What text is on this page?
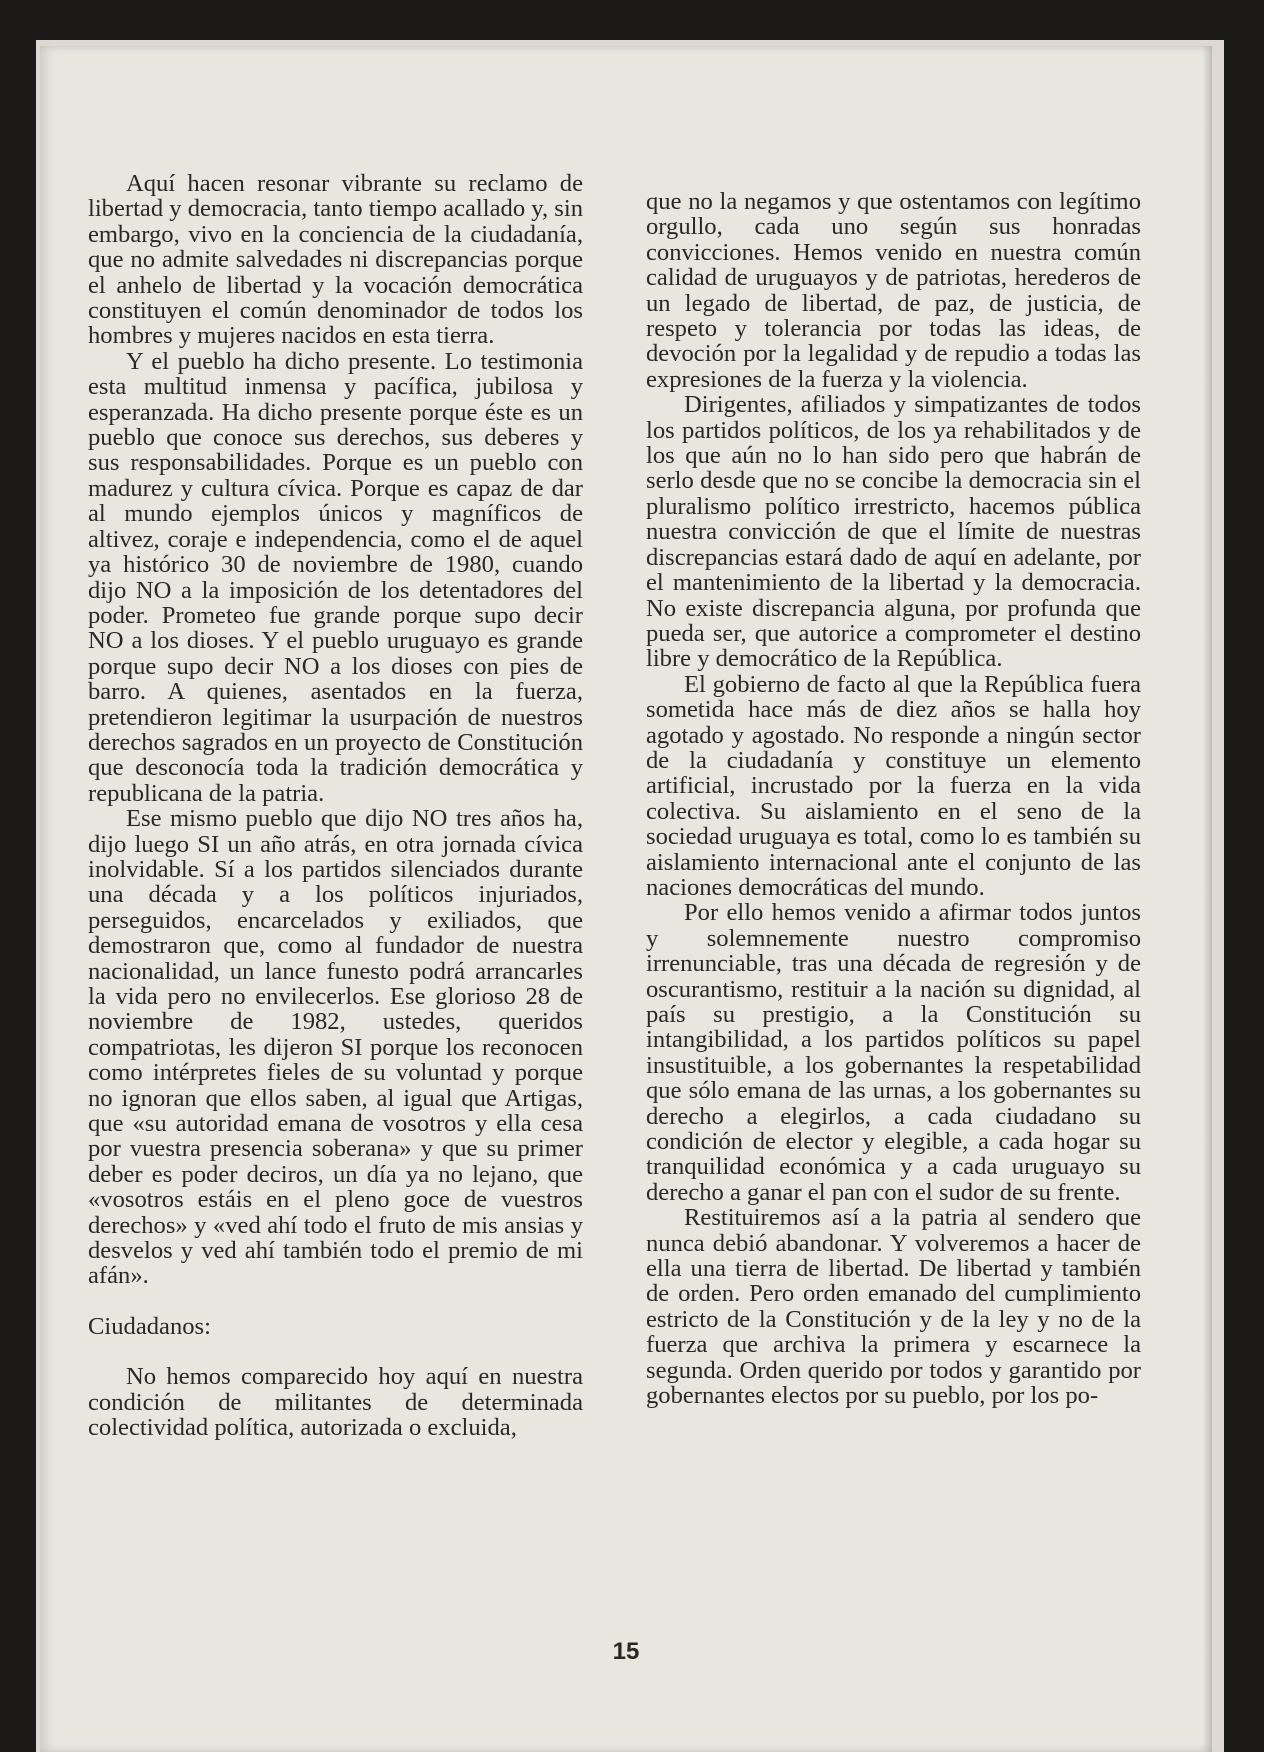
Aquí hacen resonar vibrante su reclamo de libertad y democracia, tanto tiempo acallado y, sin embargo, vivo en la conciencia de la ciudadanía, que no admite salvedades ni discrepancias porque el anhelo de libertad y la vocación democrática constituyen el común denominador de todos los hombres y mujeres nacidos en esta tierra.

Y el pueblo ha dicho presente. Lo testimonia esta multitud inmensa y pacífica, jubilosa y esperanzada. Ha dicho presente porque éste es un pueblo que conoce sus derechos, sus deberes y sus responsabilidades. Porque es un pueblo con madurez y cultura cívica. Porque es capaz de dar al mundo ejemplos únicos y magníficos de altivez, coraje e independencia, como el de aquel ya histórico 30 de noviembre de 1980, cuando dijo NO a la imposición de los detentadores del poder. Prometeo fue grande porque supo decir NO a los dioses. Y el pueblo uruguayo es grande porque supo decir NO a los dioses con pies de barro. A quienes, asentados en la fuerza, pretendieron legitimar la usurpación de nuestros derechos sagrados en un proyecto de Constitución que desconocía toda la tradición democrática y republicana de la patria.

Ese mismo pueblo que dijo NO tres años ha, dijo luego SI un año atrás, en otra jornada cívica inolvidable. Sí a los partidos silenciados durante una década y a los políticos injuriados, perseguidos, encarcelados y exiliados, que demostraron que, como al fundador de nuestra nacionalidad, un lance funesto podrá arrancarles la vida pero no envilecerlos. Ese glorioso 28 de noviembre de 1982, ustedes, queridos compatriotas, les dijeron SI porque los reconocen como intérpretes fieles de su voluntad y porque no ignoran que ellos saben, al igual que Artigas, que «su autoridad emana de vosotros y ella cesa por vuestra presencia soberana» y que su primer deber es poder deciros, un día ya no lejano, que «vosotros estáis en el pleno goce de vuestros derechos» y «ved ahí todo el fruto de mis ansias y desvelos y ved ahí también todo el premio de mi afán».

Ciudadanos:

No hemos comparecido hoy aquí en nuestra condición de militantes de determinada colectividad política, autorizada o excluida,

que no la negamos y que ostentamos con legítimo orgullo, cada uno según sus honradas convicciones. Hemos venido en nuestra común calidad de uruguayos y de patriotas, herederos de un legado de libertad, de paz, de justicia, de respeto y tolerancia por todas las ideas, de devoción por la legalidad y de repudio a todas las expresiones de la fuerza y la violencia.

Dirigentes, afiliados y simpatizantes de todos los partidos políticos, de los ya rehabilitados y de los que aún no lo han sido pero que habrán de serlo desde que no se concibe la democracia sin el pluralismo político irrestricto, hacemos pública nuestra convicción de que el límite de nuestras discrepancias estará dado de aquí en adelante, por el mantenimiento de la libertad y la democracia. No existe discrepancia alguna, por profunda que pueda ser, que autorice a comprometer el destino libre y democrático de la República.

El gobierno de facto al que la República fuera sometida hace más de diez años se halla hoy agotado y agostado. No responde a ningún sector de la ciudadanía y constituye un elemento artificial, incrustado por la fuerza en la vida colectiva. Su aislamiento en el seno de la sociedad uruguaya es total, como lo es también su aislamiento internacional ante el conjunto de las naciones democráticas del mundo.

Por ello hemos venido a afirmar todos juntos y solemnemente nuestro compromiso irrenunciable, tras una década de regresión y de oscurantismo, restituir a la nación su dignidad, al país su prestigio, a la Constitución su intangibilidad, a los partidos políticos su papel insustituible, a los gobernantes la respetabilidad que sólo emana de las urnas, a los gobernantes su derecho a elegirlos, a cada ciudadano su condición de elector y elegible, a cada hogar su tranquilidad económica y a cada uruguayo su derecho a ganar el pan con el sudor de su frente.

Restituiremos así a la patria al sendero que nunca debió abandonar. Y volveremos a hacer de ella una tierra de libertad. De libertad y también de orden. Pero orden emanado del cumplimiento estricto de la Constitución y de la ley y no de la fuerza que archiva la primera y escarnece la segunda. Orden querido por todos y garantido por gobernantes electos por su pueblo, por los po-

15
